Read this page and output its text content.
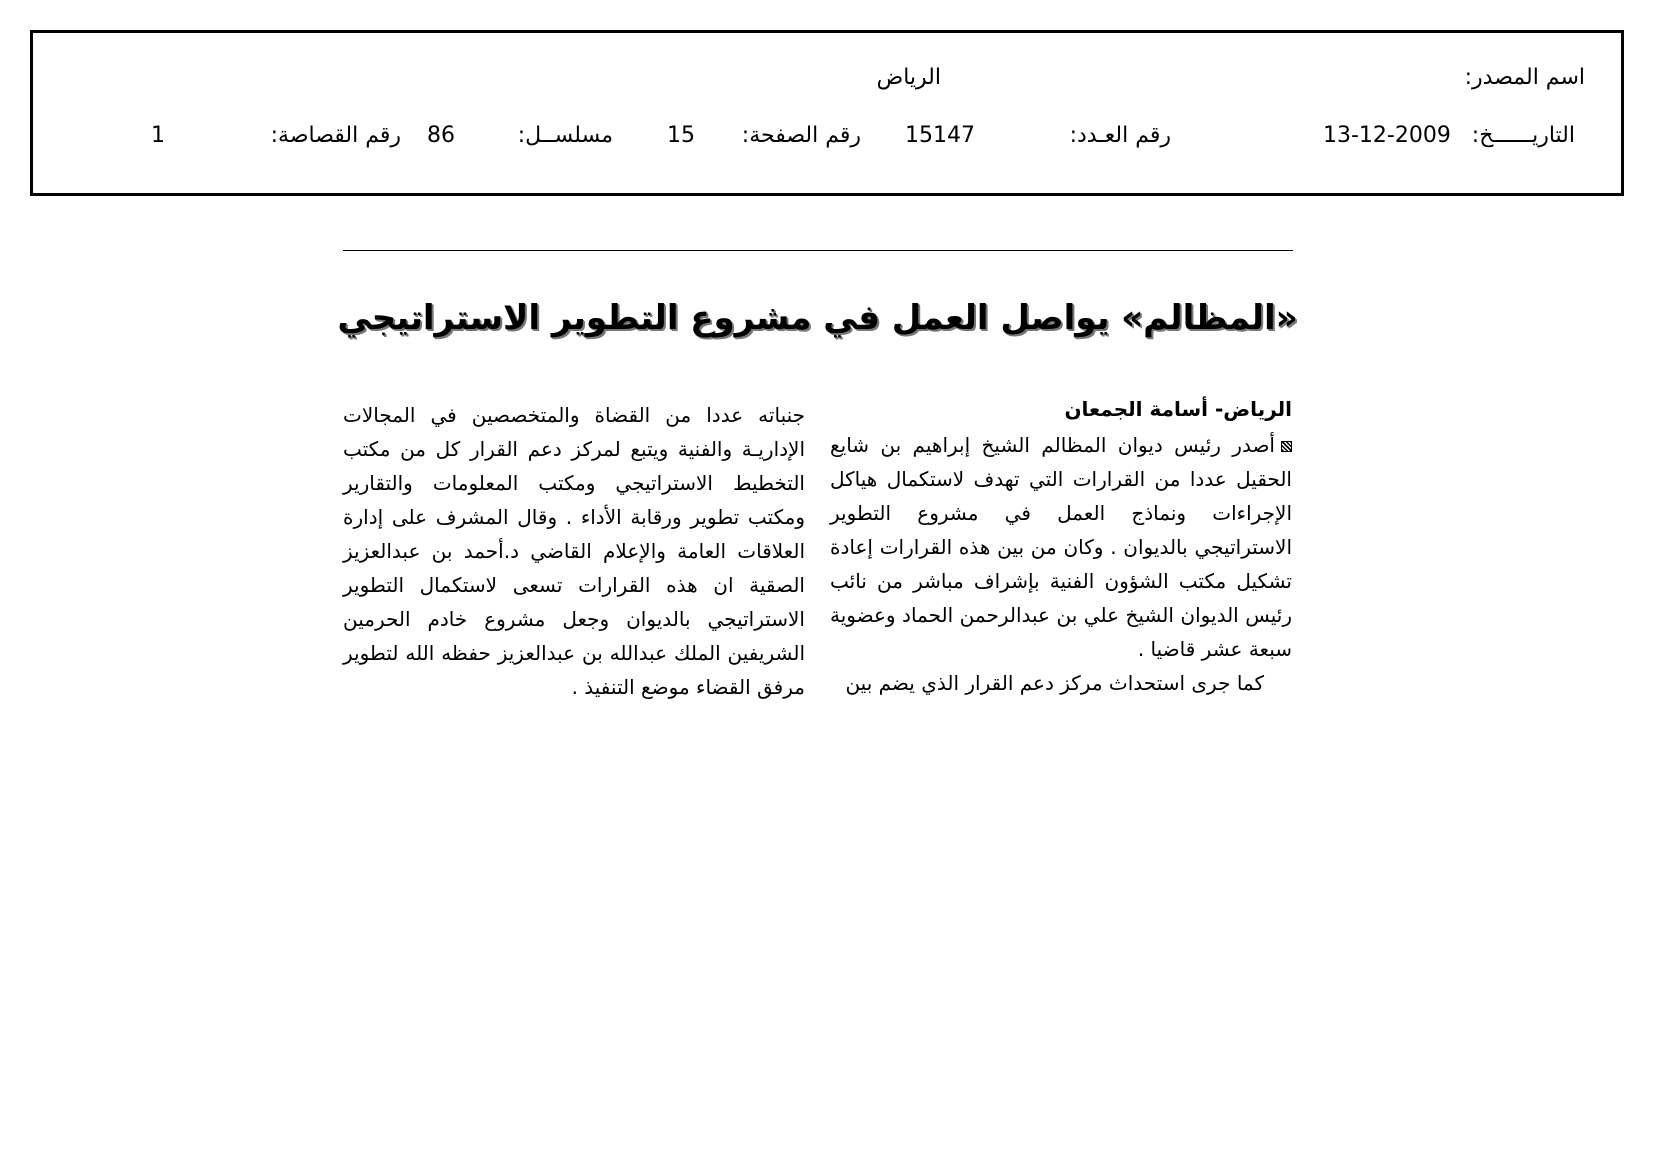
اسم المصدر:
الرياض
التاريــــــخ:
13-12-2009
رقم العـدد:
15147
رقم الصفحة:
15
مسلســل:
86
رقم القصاصة:
1
«المظالم» يواصل العمل في مشروع التطوير الاستراتيجي
الرياض- أسامة الجمعان
أصدر رئيس ديوان المظالم الشيخ إبراهيم بن شايع الحقيل عددا من القرارات التي تهدف لاستكمال هياكل الإجراءات ونماذج العمل في مشروع التطوير الاستراتيجي بالديوان . وكان من بين هذه القرارات إعادة تشكيل مكتب الشؤون الفنية بإشراف مباشر من نائب رئيس الديوان الشيخ علي بن عبدالرحمن الحماد وعضوية سبعة عشر قاضيا .
كما جرى استحداث مركز دعم القرار الذي يضم بين
جنباته عددا من القضاة والمتخصصين في المجالات الإداريـة والفنية ويتبع لمركز دعم القرار كل من مكتب التخطيط الاستراتيجي ومكتب المعلومات والتقارير ومكتب تطوير ورقابة الأداء . وقال المشرف على إدارة العلاقات العامة والإعلام القاضي د.أحمد بن عبدالعزيز الصقية ان هذه القرارات تسعى لاستكمال التطوير الاستراتيجي بالديوان وجعل مشروع خادم الحرمين الشريفين الملك عبدالله بن عبدالعزيز حفظه الله لتطوير مرفق القضاء موضع التنفيذ .
